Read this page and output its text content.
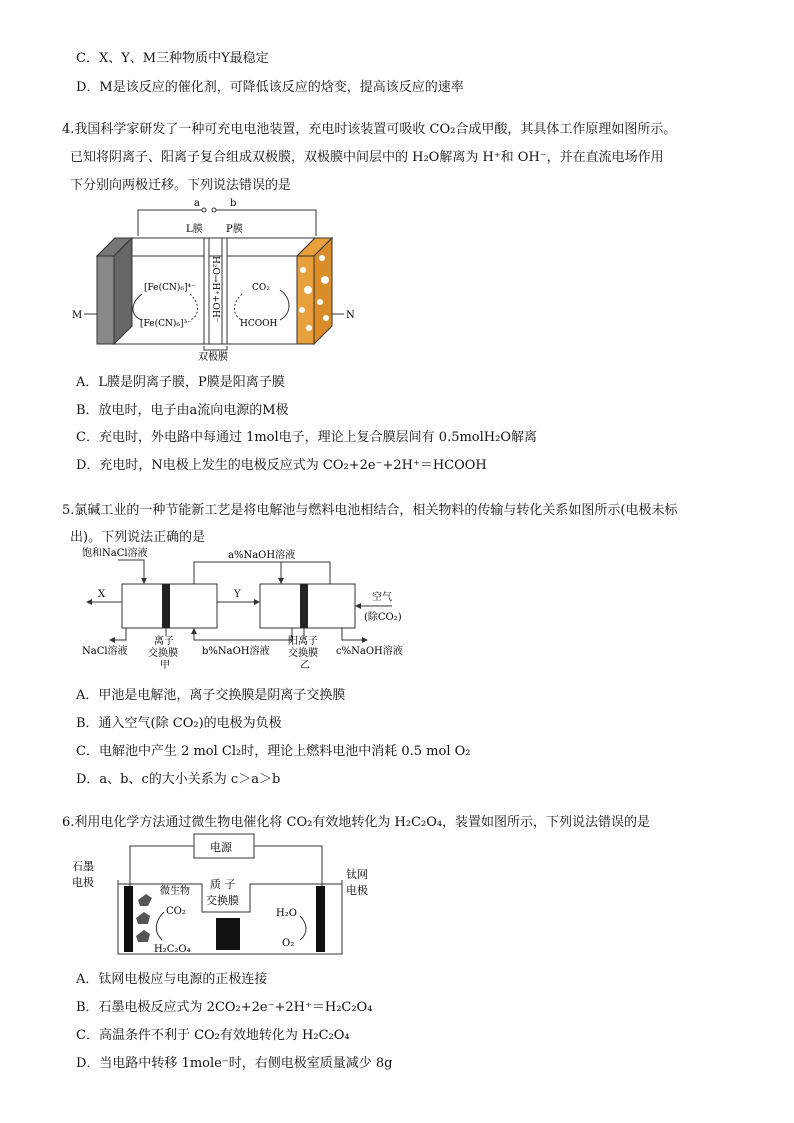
C．X、Y、M三种物质中Y最稳定
D．M是该反应的催化剂，可降低该反应的焓变，提高该反应的速率
4.我国科学家研发了一种可充电电池装置，充电时该装置可吸收 CO₂合成甲酸，其具体工作原理如图所示。
已知将阴离子、阳离子复合组成双极膜，双极膜中间层中的 H₂O解离为 H⁺和 OH⁻，并在直流电场作用
下分别向两极迁移。下列说法错误的是
a	b
L膜 P膜
H₂O→H⁺+OH⁻
[Fe(CN)₆]⁴⁻
[Fe(CN)₆]³⁻
CO₂
HCOOH
M	N
双极膜
A．L膜是阴离子膜，P膜是阳离子膜
B．放电时，电子由a流向电源的M极
C．充电时，外电路中每通过 1mol电子，理论上复合膜层间有 0.5molH₂O解离
D．充电时，N电极上发生的电极反应式为 CO₂+2e⁻+2H⁺＝HCOOH
5.氯碱工业的一种节能新工艺是将电解池与燃料电池相结合，相关物料的传输与转化关系如图所示(电极未标
出)。下列说法正确的是
饱和NaCl溶液	a%NaOH溶液
X	Y	空气
(除CO₂)
NaCl溶液
离子
交换膜
甲
b%NaOH溶液
阳离子
交换膜
乙
c%NaOH溶液
A．甲池是电解池，离子交换膜是阴离子交换膜
B．通入空气(除 CO₂)的电极为负极
C．电解池中产生 2 mol Cl₂时，理论上燃料电池中消耗 0.5 mol O₂
D．a、b、c的大小关系为 c＞a＞b
6.利用电化学方法通过微生物电催化将 CO₂有效地转化为 H₂C₂O₄，装置如图所示，下列说法错误的是
电源
石墨
电极
微生物
CO₂
H₂C₂O₄
质 子
交换膜
钛网
电极
H₂O
O₂
A．钛网电极应与电源的正极连接
B．石墨电极反应式为 2CO₂+2e⁻+2H⁺＝H₂C₂O₄
C．高温条件不利于 CO₂有效地转化为 H₂C₂O₄
D．当电路中转移 1mole⁻时，右侧电极室质量减少 8g
